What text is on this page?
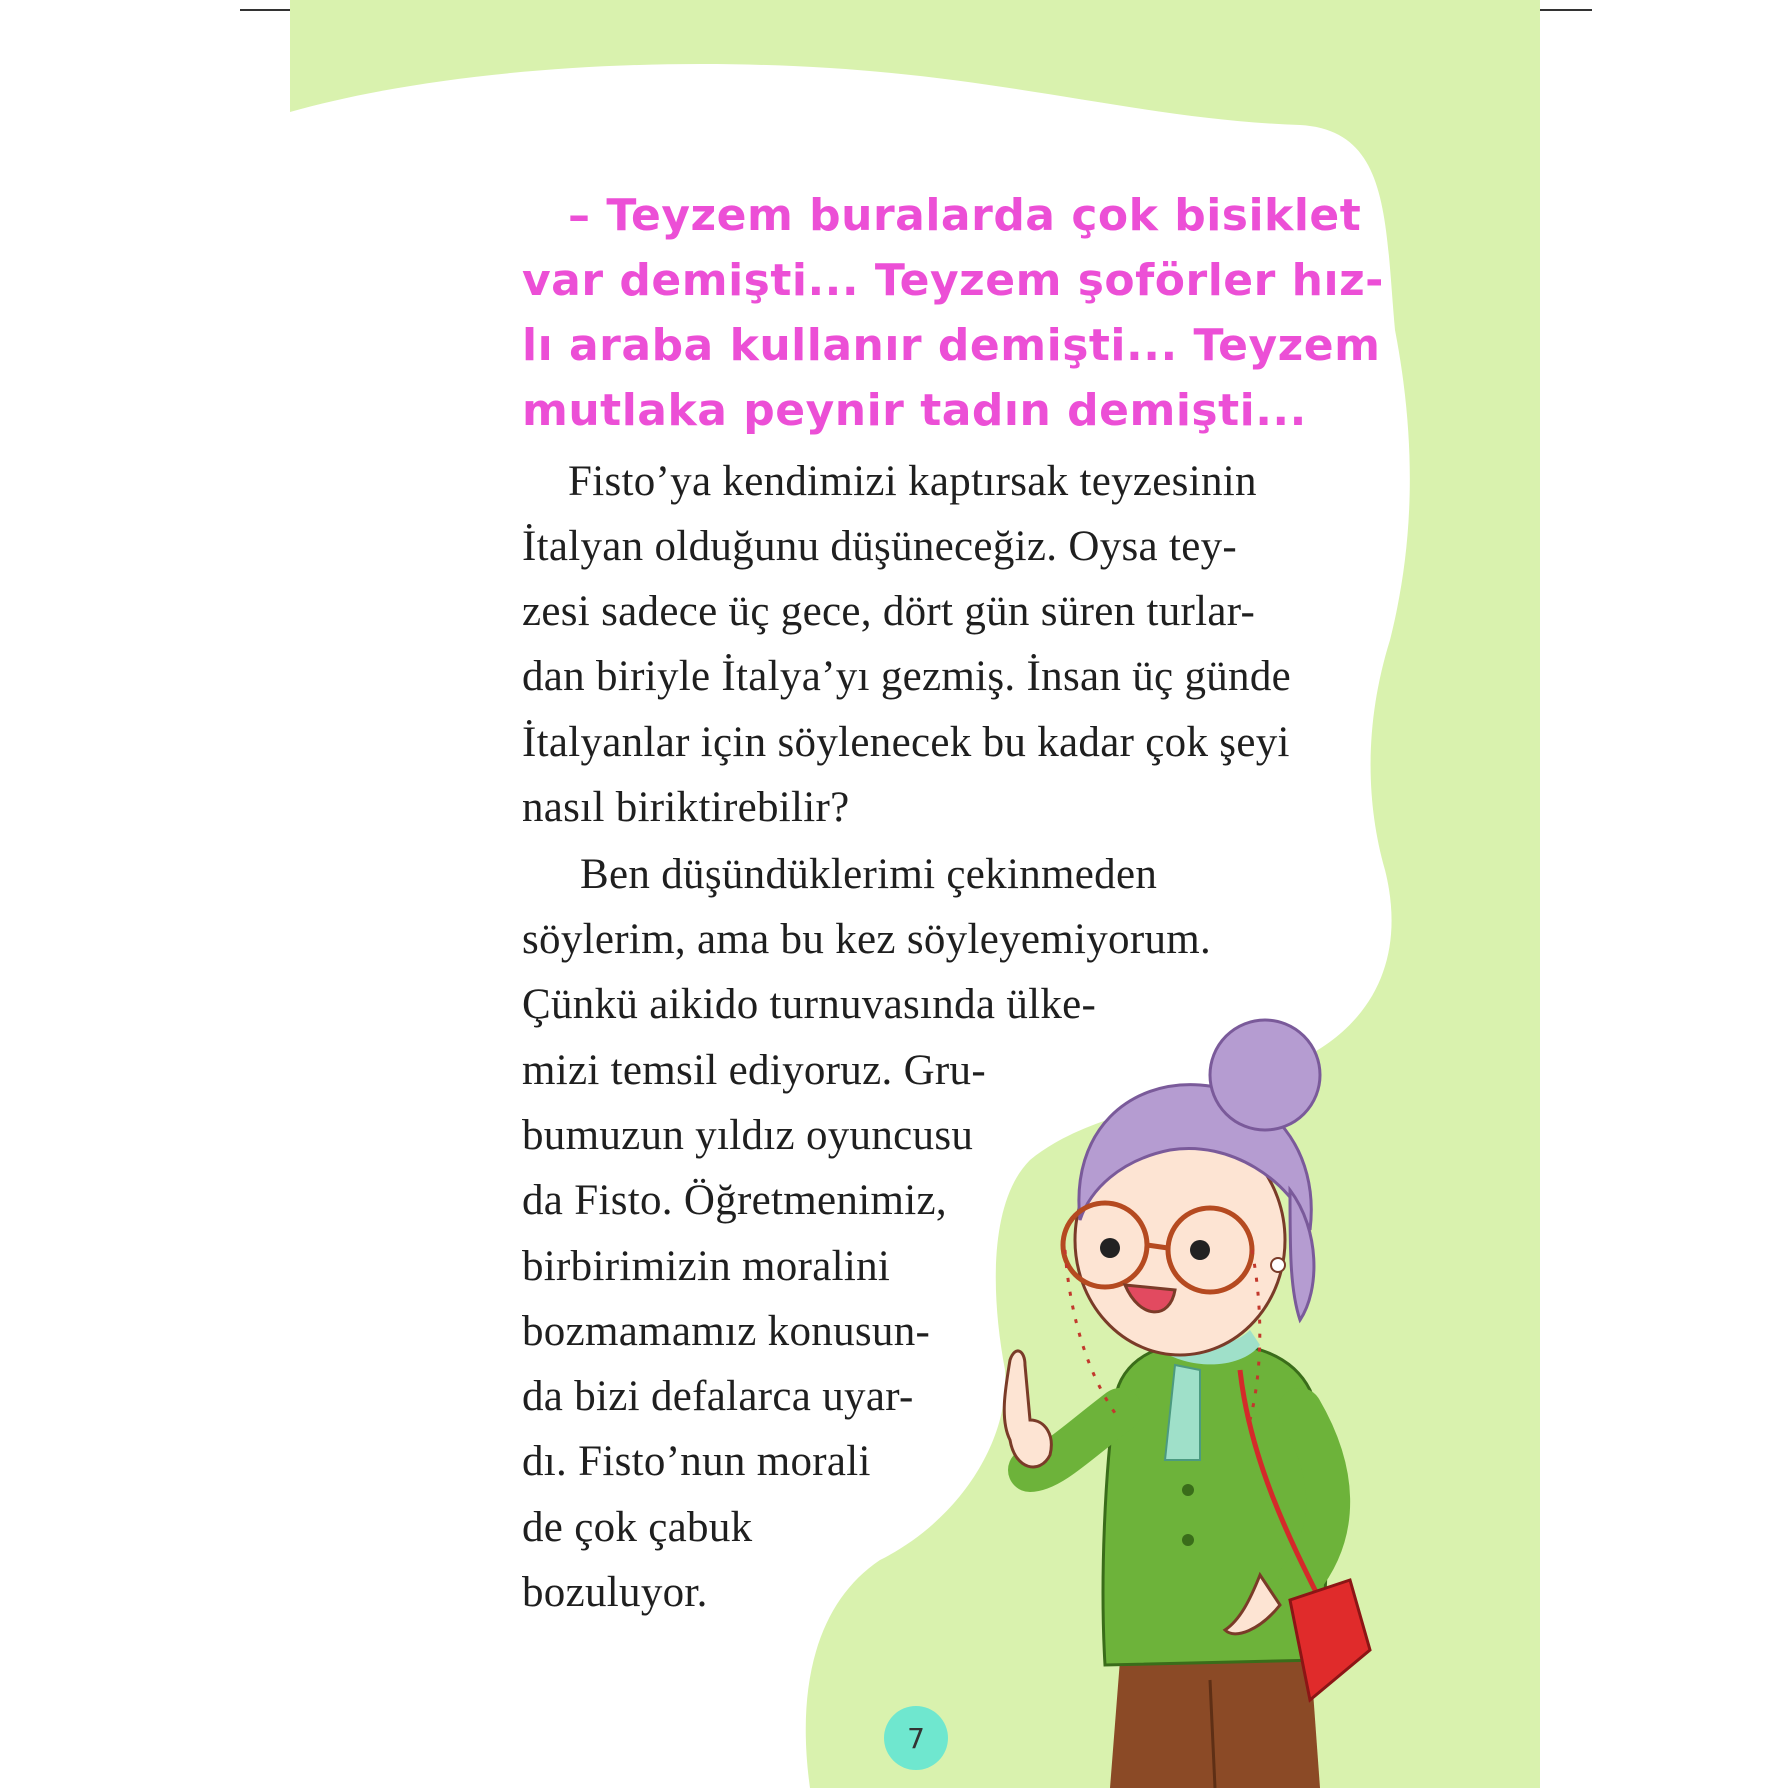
– Teyzem buralarda çok bisiklet
var demişti... Teyzem şoförler hız-
lı araba kullanır demişti... Teyzem
mutlaka peynir tadın demişti...
Fisto’ya kendimizi kaptırsak teyzesinin
İtalyan olduğunu düşüneceğiz. Oysa tey-
zesi sadece üç gece, dört gün süren turlar-
dan biriyle İtalya’yı gezmiş. İnsan üç günde
İtalyanlar için söylenecek bu kadar çok şeyi
nasıl biriktirebilir?
Ben düşündüklerimi çekinmeden
söylerim, ama bu kez söyleyemiyorum.
Çünkü aikido turnuvasında ülke-
mizi temsil ediyoruz. Gru-
bumuzun yıldız oyuncusu
da Fisto. Öğretmenimiz,
birbirimizin moralini
bozmamamız konusun-
da bizi defalarca uyar-
dı. Fisto’nun morali
de çok çabuk
bozuluyor.
7
